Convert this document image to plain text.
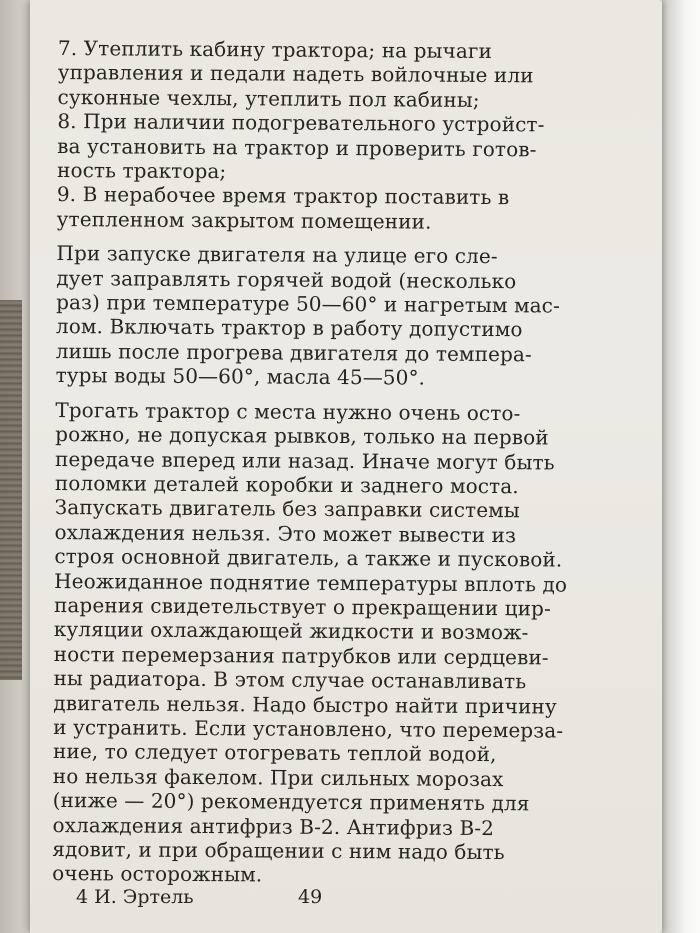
7. Утеплить кабину трактора; на рычаги
управления и педали надеть войлочные или
суконные чехлы, утеплить пол кабины;
8. При наличии подогревательного устройст-
ва установить на трактор и проверить готов-
ность трактора;
9. В нерабочее время трактор поставить в
утепленном закрытом помещении.
При запуске двигателя на улице его сле-
дует заправлять горячей водой (несколько
раз) при температуре 50—60° и нагретым мас-
лом. Включать трактор в работу допустимо
лишь после прогрева двигателя до темпера-
туры воды 50—60°, масла 45—50°.
Трогать трактор с места нужно очень осто-
рожно, не допуская рывков, только на первой
передаче вперед или назад. Иначе могут быть
поломки деталей коробки и заднего моста.
Запускать двигатель без заправки системы
охлаждения нельзя. Это может вывести из
строя основной двигатель, а также и пусковой.
Неожиданное поднятие температуры вплоть до
парения свидетельствует о прекращении цир-
куляции охлаждающей жидкости и возмож-
ности перемерзания патрубков или сердцеви-
ны радиатора. В этом случае останавливать
двигатель нельзя. Надо быстро найти причину
и устранить. Если установлено, что перемерза-
ние, то следует отогревать теплой водой,
но нельзя факелом. При сильных морозах
(ниже — 20°) рекомендуется применять для
охлаждения антифриз В-2. Антифриз В-2
ядовит, и при обращении с ним надо быть
очень осторожным.
4 И. Эртель	49
